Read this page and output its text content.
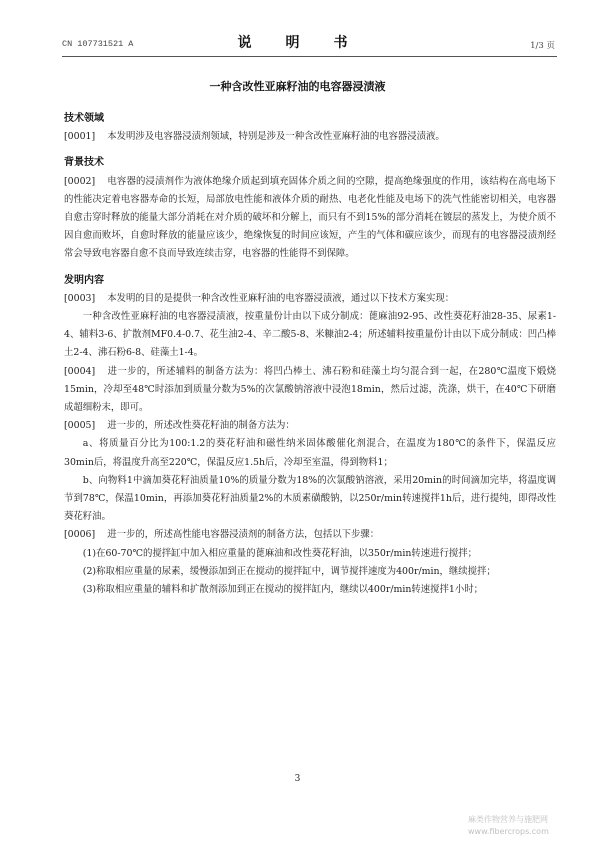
CN 107731521 A	说　明　书	1/3 页
一种含改性亚麻籽油的电容器浸渍液
技术领域

[0001] 本发明涉及电容器浸渍剂领域，特别是涉及一种含改性亚麻籽油的电容器浸渍液。

背景技术

[0002] 电容器的浸渍剂作为液体绝缘介质起到填充固体介质之间的空隙，提高绝缘强度的作用，该结构在高电场下的性能决定着电容器寿命的长短，局部放电性能和液体介质的耐热、电老化性能及电场下的洗气性能密切相关，电容器自愈击穿时释放的能量大部分消耗在对介质的破坏和分解上，而只有不到15%的部分消耗在镀层的蒸发上，为使介质不因自愈而败坏，自愈时释放的能量应该少，绝缘恢复的时间应该短，产生的气体和碳应该少，而现有的电容器浸渍剂经常会导致电容器自愈不良而导致连续击穿，电容器的性能得不到保障。

发明内容

[0003] 本发明的目的是提供一种含改性亚麻籽油的电容器浸渍液，通过以下技术方案实现：

一种含改性亚麻籽油的电容器浸渍液，按重量份计由以下成分制成：蓖麻油92-95、改性葵花籽油28-35、尿素1-4、辅料3-6、扩散剂MF0.4-0.7、花生油2-4、辛二酸5-8、米糠油2-4；所述辅料按重量份计由以下成分制成：凹凸棒土2-4、沸石粉6-8、硅藻土1-4。

[0004] 进一步的，所述辅料的制备方法为：将凹凸棒土、沸石粉和硅藻土均匀混合到一起，在280℃温度下煅烧15min，冷却至48℃时添加到质量分数为5%的次氯酸钠溶液中浸泡18min，然后过滤，洗涤，烘干，在40℃下研磨成超细粉末，即可。

[0005] 进一步的，所述改性葵花籽油的制备方法为：

a、将质量百分比为100:1.2的葵花籽油和磁性纳米固体酸催化剂混合，在温度为180℃的条件下，保温反应30min后，将温度升高至220℃，保温反应1.5h后，冷却至室温，得到物料1；

b、向物料1中滴加葵花籽油质量10%的质量分数为18%的次氯酸钠溶液，采用20min的时间滴加完毕，将温度调节到78℃，保温10min，再添加葵花籽油质量2%的木质素磺酸钠，以250r/min转速搅拌1h后，进行提纯，即得改性葵花籽油。

[0006] 进一步的，所述高性能电容器浸渍剂的制备方法，包括以下步骤：

(1)在60-70℃的搅拌缸中加入相应重量的蓖麻油和改性葵花籽油，以350r/min转速进行搅拌；

(2)称取相应重量的尿素，缓慢添加到正在搅动的搅拌缸中，调节搅拌速度为400r/min，继续搅拌；

(3)称取相应重量的辅料和扩散剂添加到正在搅动的搅拌缸内，继续以400r/min转速搅拌1小时；

3
麻类作物营养与施肥网
www.fibercrops.com
